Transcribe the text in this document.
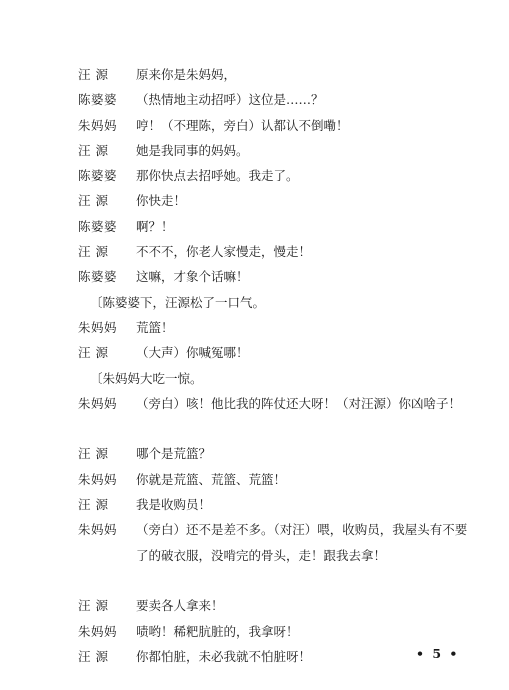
汪 源	原来你是朱妈妈，
陈婆婆	（热情地主动招呼）这位是……？
朱妈妈	哼！（不理陈，旁白）认都认不倒嘞！
汪 源	她是我同事的妈妈。
陈婆婆	那你快点去招呼她。我走了。
汪 源	你快走！
陈婆婆	啊？！
汪 源	不不不，你老人家慢走，慢走！
陈婆婆	这嘛，才象个话嘛！
〔陈婆婆下，汪源松了一口气。
朱妈妈	荒篮！
汪 源	（大声）你喊冤哪！
〔朱妈妈大吃一惊。
朱妈妈	（旁白）咳！他比我的阵仗还大呀！（对汪源）你凶啥子！
汪 源	哪个是荒篮？
朱妈妈	你就是荒篮、荒篮、荒篮！
汪 源	我是收购员！
朱妈妈	（旁白）还不是差不多。（对汪）喂，收购员，我屋头有不要了的破衣服，没啃完的骨头，走！跟我去拿！
汪 源	要卖各人拿来！
朱妈妈	啧哟！稀粑肮脏的，我拿呀！
汪 源	你都怕脏，未必我就不怕脏呀！	• 5 •
